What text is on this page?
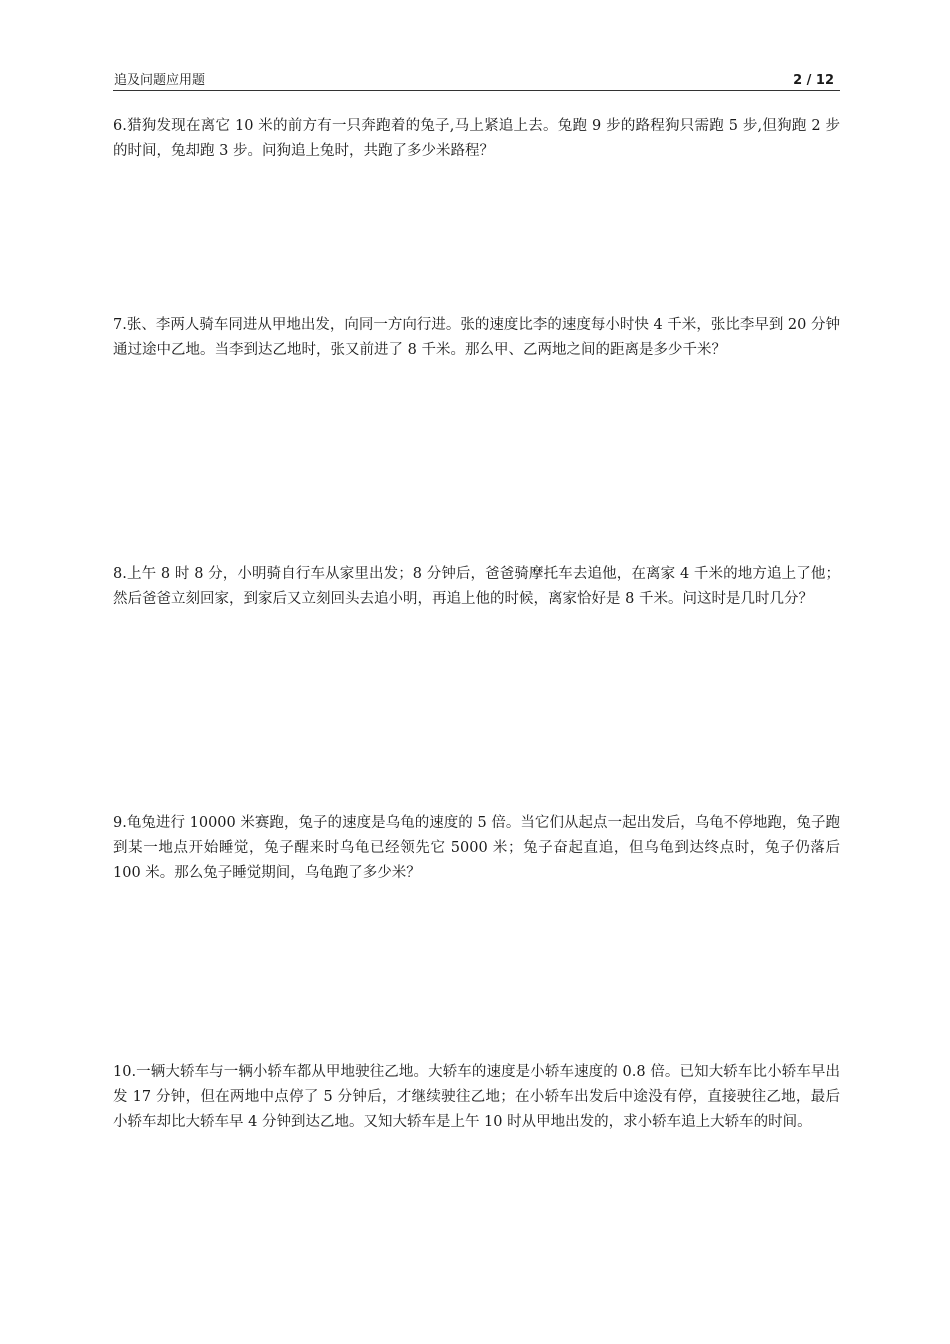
追及问题应用题	2 / 12
6.猎狗发现在离它 10 米的前方有一只奔跑着的兔子,马上紧追上去。兔跑 9 步的路程狗只需跑 5 步,但狗跑 2 步的时间，兔却跑 3 步。问狗追上兔时，共跑了多少米路程？
7.张、李两人骑车同进从甲地出发，向同一方向行进。张的速度比李的速度每小时快 4 千米，张比李早到 20 分钟通过途中乙地。当李到达乙地时，张又前进了 8 千米。那么甲、乙两地之间的距离是多少千米？
8.上午 8 时 8 分，小明骑自行车从家里出发；8 分钟后，爸爸骑摩托车去追他，在离家 4 千米的地方追上了他；然后爸爸立刻回家，到家后又立刻回头去追小明，再追上他的时候，离家恰好是 8 千米。问这时是几时几分？
9.龟兔进行 10000 米赛跑，兔子的速度是乌龟的速度的 5 倍。当它们从起点一起出发后，乌龟不停地跑，兔子跑到某一地点开始睡觉，兔子醒来时乌龟已经领先它 5000 米；兔子奋起直追，但乌龟到达终点时，兔子仍落后 100 米。那么兔子睡觉期间，乌龟跑了多少米？
10.一辆大轿车与一辆小轿车都从甲地驶往乙地。大轿车的速度是小轿车速度的 0.8 倍。已知大轿车比小轿车早出发 17 分钟，但在两地中点停了 5 分钟后，才继续驶往乙地；在小轿车出发后中途没有停，直接驶往乙地，最后小轿车却比大轿车早 4 分钟到达乙地。又知大轿车是上午 10 时从甲地出发的，求小轿车追上大轿车的时间。
